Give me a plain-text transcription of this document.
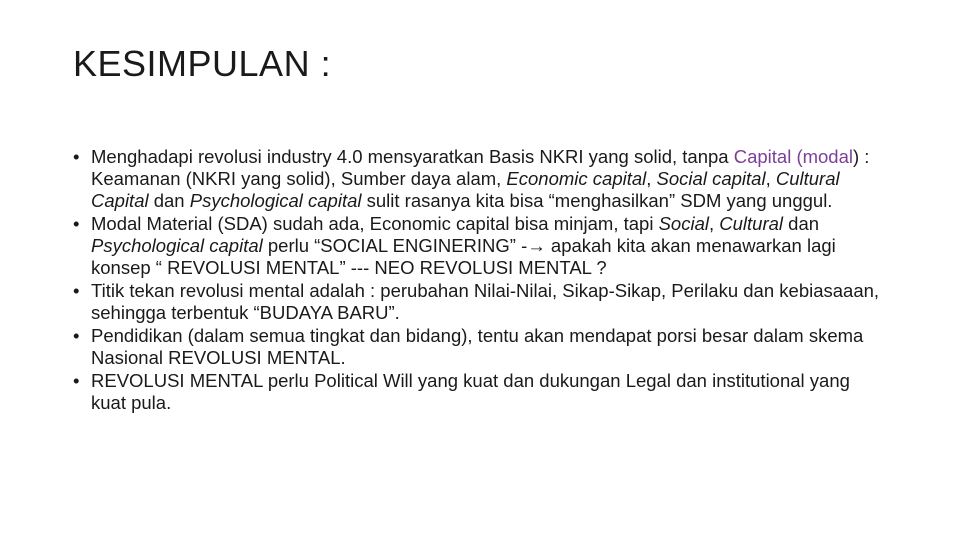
KESIMPULAN :
• Menghadapi revolusi industry 4.0 mensyaratkan Basis NKRI yang solid, tanpa Capital (modal) : Keamanan (NKRI yang solid), Sumber daya alam, Economic capital, Social capital, Cultural Capital dan Psychological capital sulit rasanya kita bisa “menghasilkan” SDM yang unggul.
• Modal Material (SDA) sudah ada, Economic capital bisa minjam, tapi Social, Cultural dan Psychological capital perlu “SOCIAL ENGINERING” -→ apakah kita akan menawarkan lagi konsep “ REVOLUSI MENTAL” --- NEO REVOLUSI MENTAL ?
• Titik tekan revolusi mental adalah : perubahan Nilai-Nilai, Sikap-Sikap, Perilaku dan kebiasaaan, sehingga terbentuk “BUDAYA BARU”.
• Pendidikan (dalam semua tingkat dan bidang), tentu akan mendapat porsi besar dalam skema Nasional REVOLUSI MENTAL.
• REVOLUSI MENTAL perlu Political Will yang kuat dan dukungan Legal dan institutional yang kuat pula.
